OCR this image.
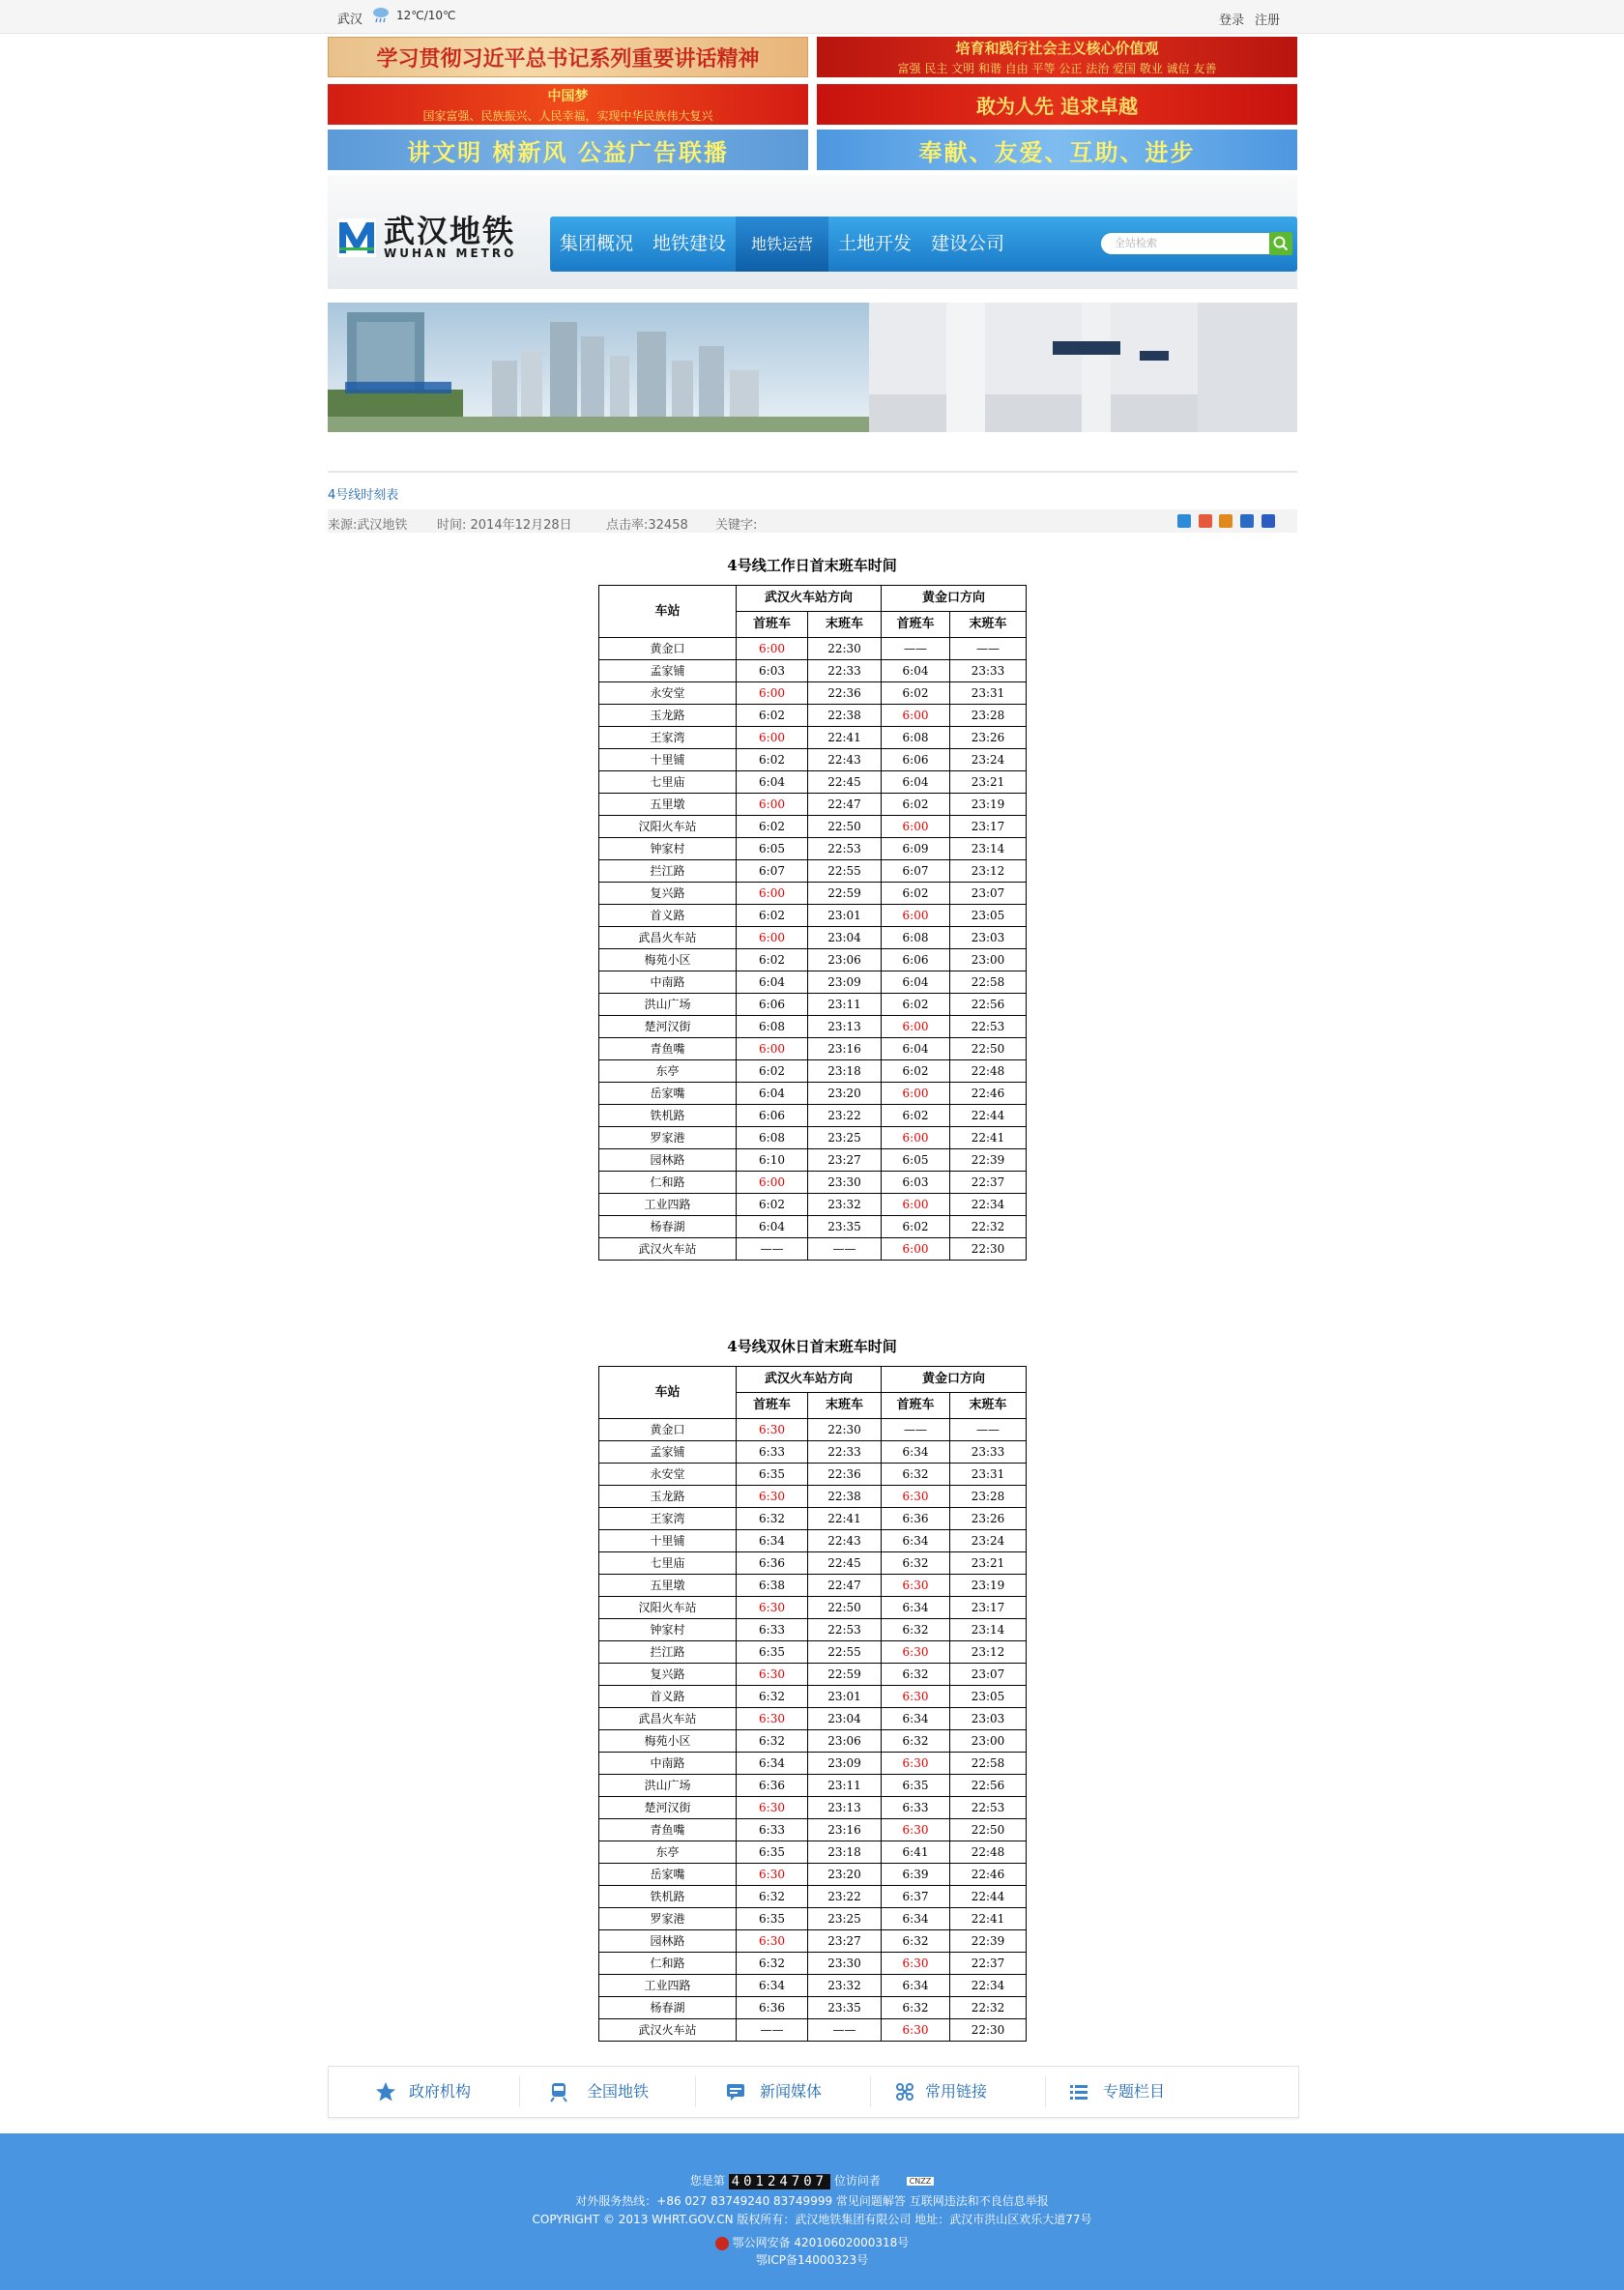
武汉	12℃/10℃	登录 注册
学习贯彻习近平总书记系列重要讲话精神	培育和践行社会主义核心价值观
富强 民主 文明 和谐 自由 平等 公正 法治 爱国 敬业 诚信 友善
中国梦
国家富强、民族振兴、人民幸福，实现中华民族伟大复兴	敢为人先 追求卓越
讲文明 树新风 公益广告联播	奉献、友爱、互助、进步
武汉地铁
WUHAN METRO	集团概况	地铁建设	地铁运营	土地开发	建设公司	全站检索
4号线时刻表
来源:武汉地铁 时间: 2014年12月28日	点击率:32458 关键字:
4号线工作日首末班车时间
车站	武汉火车站方向		黄金口方向	
	首班车	末班车	首班车	末班车
黄金口	6:00	22:30	——	——
孟家铺	6:03	22:33	6:04	23:33
永安堂	6:00	22:36	6:02	23:31
玉龙路	6:02	22:38	6:00	23:28
王家湾	6:00	22:41	6:08	23:26
十里铺	6:02	22:43	6:06	23:24
七里庙	6:04	22:45	6:04	23:21
五里墩	6:00	22:47	6:02	23:19
汉阳火车站	6:02	22:50	6:00	23:17
钟家村	6:05	22:53	6:09	23:14
拦江路	6:07	22:55	6:07	23:12
复兴路	6:00	22:59	6:02	23:07
首义路	6:02	23:01	6:00	23:05
武昌火车站	6:00	23:04	6:08	23:03
梅苑小区	6:02	23:06	6:06	23:00
中南路	6:04	23:09	6:04	22:58
洪山广场	6:06	23:11	6:02	22:56
楚河汉街	6:08	23:13	6:00	22:53
青鱼嘴	6:00	23:16	6:04	22:50
东亭	6:02	23:18	6:02	22:48
岳家嘴	6:04	23:20	6:00	22:46
铁机路	6:06	23:22	6:02	22:44
罗家港	6:08	23:25	6:00	22:41
园林路	6:10	23:27	6:05	22:39
仁和路	6:00	23:30	6:03	22:37
工业四路	6:02	23:32	6:00	22:34
杨春湖	6:04	23:35	6:02	22:32
武汉火车站	——	——	6:00	22:30
4号线双休日首末班车时间
车站	武汉火车站方向		黄金口方向	
	首班车	末班车	首班车	末班车
黄金口	6:30	22:30	——	——
孟家铺	6:33	22:33	6:34	23:33
永安堂	6:35	22:36	6:32	23:31
玉龙路	6:30	22:38	6:30	23:28
王家湾	6:32	22:41	6:36	23:26
十里铺	6:34	22:43	6:34	23:24
七里庙	6:36	22:45	6:32	23:21
五里墩	6:38	22:47	6:30	23:19
汉阳火车站	6:30	22:50	6:34	23:17
钟家村	6:33	22:53	6:32	23:14
拦江路	6:35	22:55	6:30	23:12
复兴路	6:30	22:59	6:32	23:07
首义路	6:32	23:01	6:30	23:05
武昌火车站	6:30	23:04	6:34	23:03
梅苑小区	6:32	23:06	6:32	23:00
中南路	6:34	23:09	6:30	22:58
洪山广场	6:36	23:11	6:35	22:56
楚河汉街	6:30	23:13	6:33	22:53
青鱼嘴	6:33	23:16	6:30	22:50
东亭	6:35	23:18	6:41	22:48
岳家嘴	6:30	23:20	6:39	22:46
铁机路	6:32	23:22	6:37	22:44
罗家港	6:35	23:25	6:34	22:41
园林路	6:30	23:27	6:32	22:39
仁和路	6:32	23:30	6:30	22:37
工业四路	6:34	23:32	6:34	22:34
杨春湖	6:36	23:35	6:32	22:32
武汉火车站	——	——	6:30	22:30
政府机构	全国地铁	新闻媒体	常用链接	专题栏目
您是第 40124707 位访问者	CNZZ
对外服务热线：+86 027 83749240 83749999 常见问题解答 互联网违法和不良信息举报
COPYRIGHT © 2013 WHRT.GOV.CN 版权所有：武汉地铁集团有限公司 地址：武汉市洪山区欢乐大道77号
鄂公网安备 42010602000318号
鄂ICP备14000323号
